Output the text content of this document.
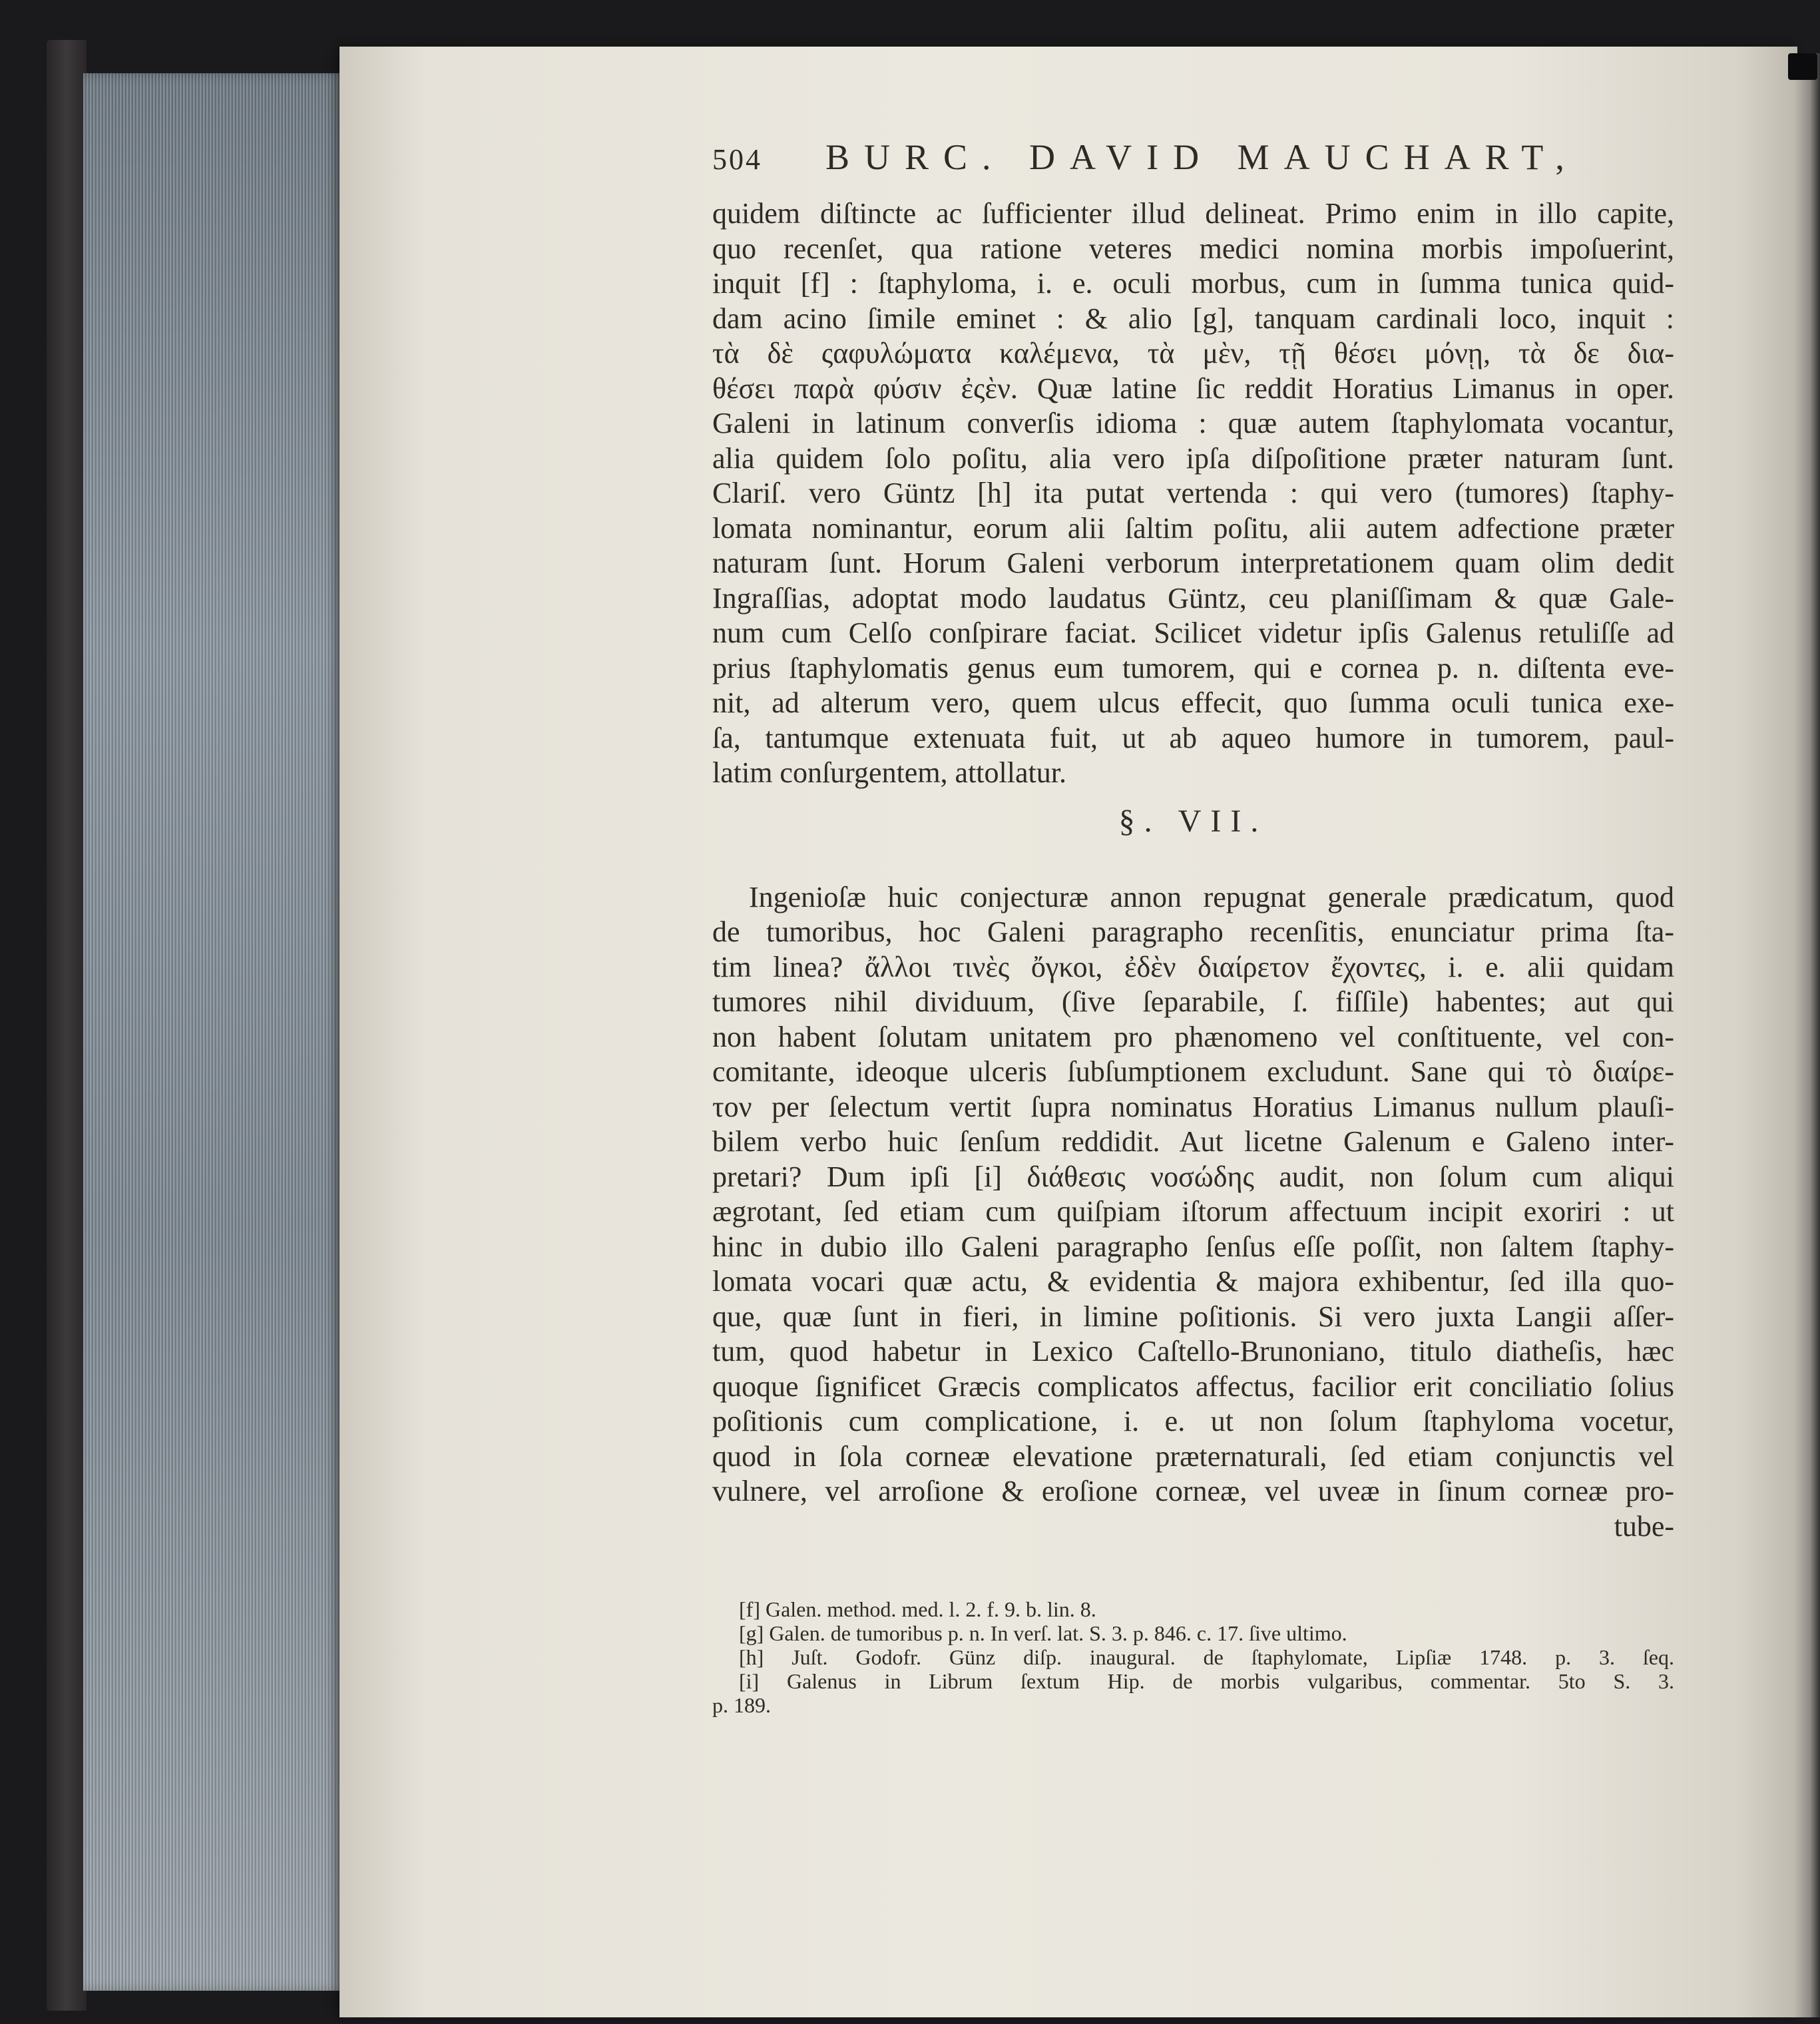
504	BURC. DAVID MAUCHART,
quidem diſtincte ac ſufficienter illud delineat. Primo enim in illo capite,
quo recenſet, qua ratione veteres medici nomina morbis impoſuerint,
inquit [f] : ſtaphyloma, i. e. oculi morbus, cum in ſumma tunica quid-
dam acino ſimile eminet : & alio [g], tanquam cardinali loco, inquit :
τὰ δὲ ςαφυλώματα καλέμενα, τὰ μὲν, τῇ θέσει μόνῃ, τὰ δε δια-
θέσει παρὰ φύσιν ἐςὲν. Quæ latine ſic reddit Horatius Limanus in oper.
Galeni in latinum converſis idioma : quæ autem ſtaphylomata vocantur,
alia quidem ſolo poſitu, alia vero ipſa diſpoſitione præter naturam ſunt.
Clariſ. vero Güntz [h] ita putat vertenda : qui vero (tumores) ſtaphy-
lomata nominantur, eorum alii ſaltim poſitu, alii autem adfectione præter
naturam ſunt. Horum Galeni verborum interpretationem quam olim dedit
Ingraſſias, adoptat modo laudatus Güntz, ceu planiſſimam & quæ Gale-
num cum Celſo conſpirare faciat. Scilicet videtur ipſis Galenus retuliſſe ad
prius ſtaphylomatis genus eum tumorem, qui e cornea p. n. diſtenta eve-
nit, ad alterum vero, quem ulcus effecit, quo ſumma oculi tunica exe-
ſa, tantumque extenuata fuit, ut ab aqueo humore in tumorem, paul-
latim conſurgentem, attollatur.
§. VII.
Ingenioſæ huic conjecturæ annon repugnat generale prædicatum, quod
de tumoribus, hoc Galeni paragrapho recenſitis, enunciatur prima ſta-
tim linea? ἄλλοι τινὲς ὄγκοι, ἐδὲν διαίρετον ἔχοντες, i. e. alii quidam
tumores nihil dividuum, (ſive ſeparabile, ſ. fiſſile) habentes; aut qui
non habent ſolutam unitatem pro phænomeno vel conſtituente, vel con-
comitante, ideoque ulceris ſubſumptionem excludunt. Sane qui τὸ διαίρε-
τον per ſelectum vertit ſupra nominatus Horatius Limanus nullum plauſi-
bilem verbo huic ſenſum reddidit. Aut licetne Galenum e Galeno inter-
pretari? Dum ipſi [i] διάθεσις νοσώδης audit, non ſolum cum aliqui
ægrotant, ſed etiam cum quiſpiam iſtorum affectuum incipit exoriri : ut
hinc in dubio illo Galeni paragrapho ſenſus eſſe poſſit, non ſaltem ſtaphy-
lomata vocari quæ actu, & evidentia & majora exhibentur, ſed illa quo-
que, quæ ſunt in fieri, in limine poſitionis. Si vero juxta Langii aſſer-
tum, quod habetur in Lexico Caſtello-Brunoniano, titulo diatheſis, hæc
quoque ſignificet Græcis complicatos affectus, facilior erit conciliatio ſolius
poſitionis cum complicatione, i. e. ut non ſolum ſtaphyloma vocetur,
quod in ſola corneæ elevatione præternaturali, ſed etiam conjunctis vel
vulnere, vel arroſione & eroſione corneæ, vel uveæ in ſinum corneæ pro-
tube-
[f] Galen. method. med. l. 2. f. 9. b. lin. 8.
[g] Galen. de tumoribus p. n. In verſ. lat. S. 3. p. 846. c. 17. ſive ultimo.
[h] Juſt. Godofr. Günz diſp. inaugural. de ſtaphylomate, Lipſiæ 1748. p. 3. ſeq.
[i] Galenus in Librum ſextum Hip. de morbis vulgaribus, commentar. 5to S. 3.
p. 189.
